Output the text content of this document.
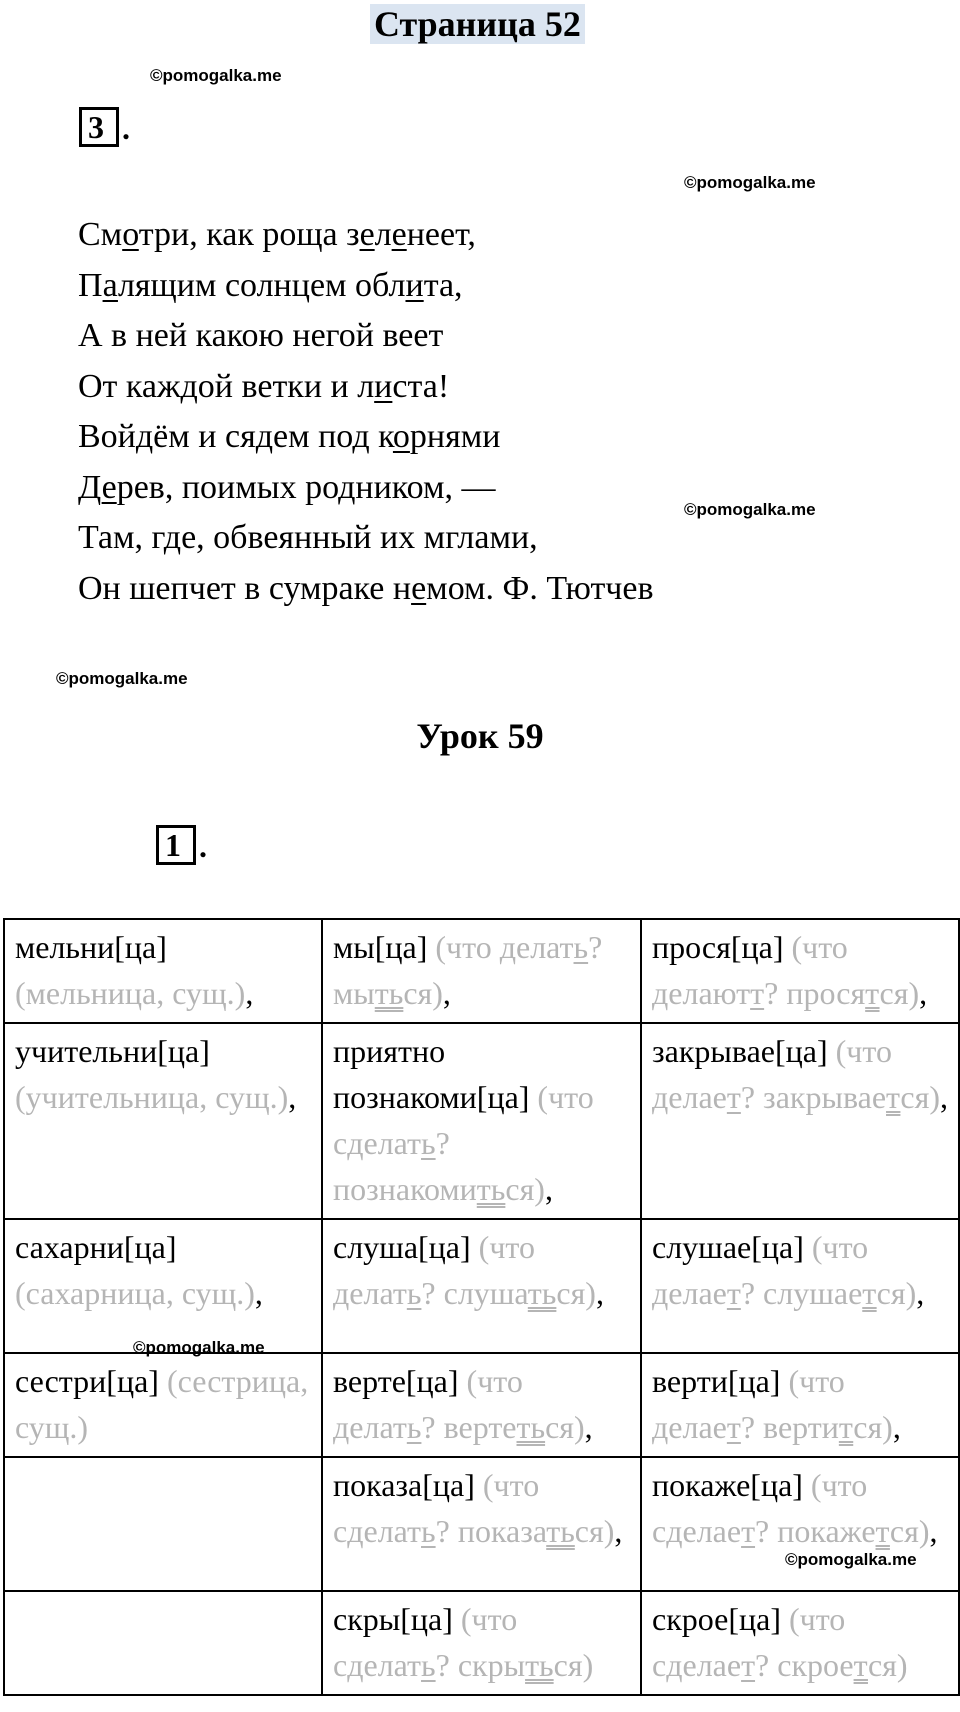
Страница 52
©pomogalka.me
3 .
©pomogalka.me
Смотри, как роща зеленеет,
Палящим солнцем облита,
А в ней какою негой веет
От каждой ветки и листа!
Войдём и сядем под корнями
Дерев, поимых родником, —
Там, где, обвеянный их мглами,
Он шепчет в сумраке немом. Ф. Тютчев
©pomogalka.me
©pomogalka.me
Урок 59
1 .
мельни[ца] (мельница, сущ.),	мы[ца] (что делать? мыться),	прося[ца] (что делаютт? просятся),
учительни[ца] (учительница, сущ.),	приятно познакоми[ца] (что сделать? познакомиться),	закрывае[ца] (что делает? закрывается),
сахарни[ца] (сахарница, сущ.),	слуша[ца] (что делать? слушаться),	слушае[ца] (что делает? слушается),
сестри[ца] (сестрица, сущ.)	верте[ца] (что делать? вертеться),	верти[ца] (что делает? вертится),
	показа[ца] (что сделать? показаться),	покаже[ца] (что сделает? покажется),
	скры[ца] (что сделать? скрыться)	скрое[ца] (что сделает? скроется)
©pomogalka.me
©pomogalka.me
